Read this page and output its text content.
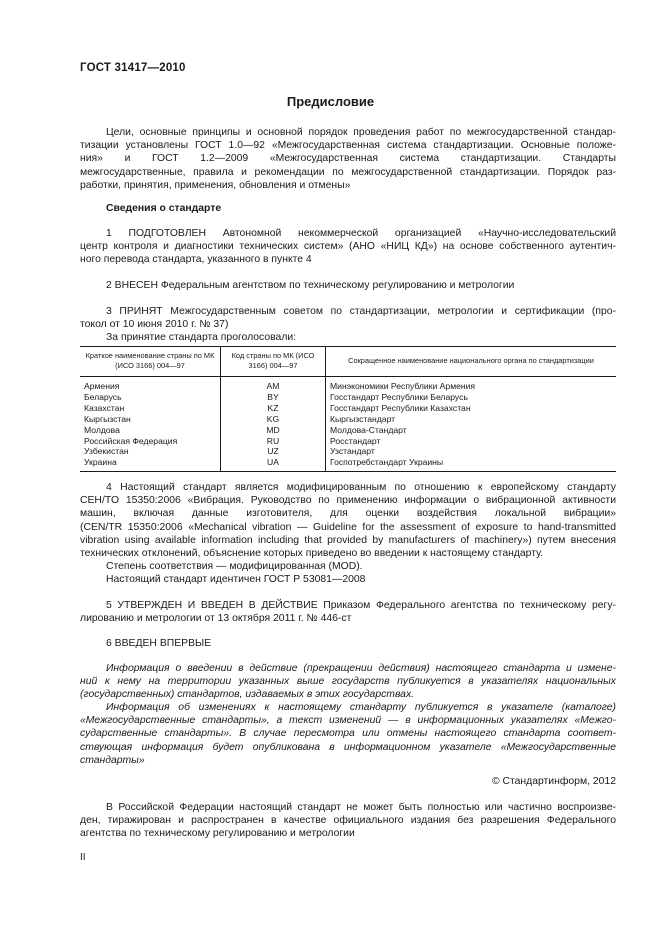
ГОСТ 31417—2010
Предисловие

Цели, основные принципы и основной порядок проведения работ по межгосударственной стандар-
тизации установлены ГОСТ 1.0—92 «Межгосударственная система стандартизации. Основные положе-
ния» и ГОСТ 1.2—2009 «Межгосударственная система стандартизации. Стандарты
межгосударственные, правила и рекомендации по межгосударственной стандартизации. Порядок раз-
работки, принятия, применения, обновления и отмены»

Сведения о стандарте

1 ПОДГОТОВЛЕН Автономной некоммерческой организацией «Научно-исследовательский
центр контроля и диагностики технических систем» (АНО «НИЦ КД») на основе собственного аутентич-
ного перевода стандарта, указанного в пункте 4

2 ВНЕСЕН Федеральным агентством по техническому регулированию и метрологии

3 ПРИНЯТ Межгосударственным советом по стандартизации, метрологии и сертификации (про-
токол от 10 июня 2010 г. № 37)

За принятие стандарта проголосовали:

Краткое наименование страны по МК (ИСО 3166) 004—97	Код страны по МК (ИСО 3166) 004—97	Сокращенное наименование национального органа по стандартизации
Армения	AM	Минэкономики Республики Армения
Беларусь	BY	Госстандарт Республики Беларусь
Казахстан	KZ	Госстандарт Республики Казахстан
Кыргызстан	KG	Кыргызстандарт
Молдова	MD	Молдова-Стандарт
Российская Федерация	RU	Росстандарт
Узбекистан	UZ	Узстандарт
Украина	UA	Госпотребстандарт Украины

4 Настоящий стандарт является модифицированным по отношению к европейскому стандарту
CEH/TO 15350:2006 «Вибрация. Руководство по применению информации о вибрационной активности
машин, включая данные изготовителя, для оценки воздействия локальной вибрации»
(CEN/TR 15350:2006 «Mechanical vibration — Guideline for the assessment of exposure to hand-transmitted
vibration using available information including that provided by manufacturers of machinery») путем внесения
технических отклонений, объяснение которых приведено во введении к настоящему стандарту.

Степень соответствия — модифицированная (MOD).

Настоящий стандарт идентичен ГОСТ Р 53081—2008

5 УТВЕРЖДЕН И ВВЕДЕН В ДЕЙСТВИЕ Приказом Федерального агентства по техническому регу-
лированию и метрологии от 13 октября 2011 г. № 446-ст

6 ВВЕДЕН ВПЕРВЫЕ

Информация о введении в действие (прекращении действия) настоящего стандарта и измене-
ний к нему на территории указанных выше государств публикуется в указателях национальных
(государственных) стандартов, издаваемых в этих государствах.

Информация об изменениях к настоящему стандарту публикуется в указателе (каталоге)
«Межгосударственные стандарты», а текст изменений — в информационных указателях «Межго-
сударственные стандарты». В случае пересмотра или отмены настоящего стандарта соответ-
ствующая информация будет опубликована в информационном указателе «Межгосударственные
стандарты»

© Стандартинформ, 2012

В Российской Федерации настоящий стандарт не может быть полностью или частично воспроизве-
ден, тиражирован и распространен в качестве официального издания без разрешения Федерального
агентства по техническому регулированию и метрологии

II
